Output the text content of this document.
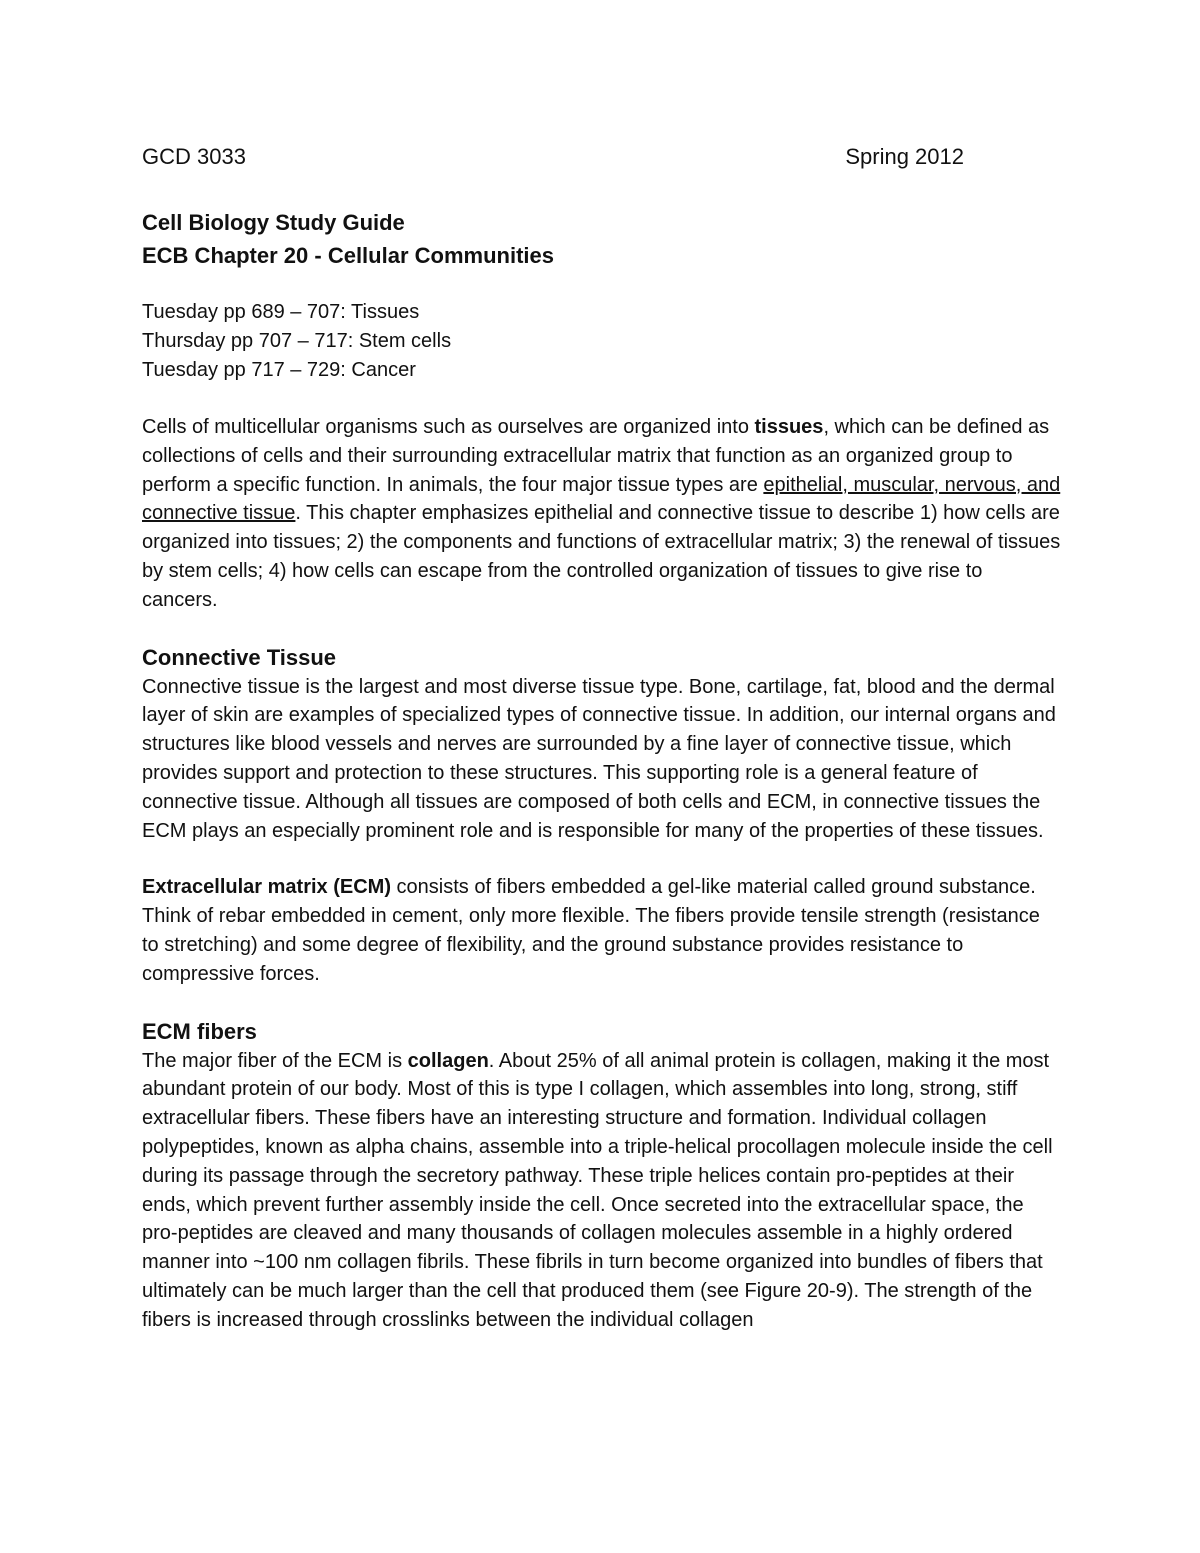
GCD 3033	Spring 2012
Cell Biology Study Guide
ECB Chapter 20 - Cellular Communities
Tuesday pp 689 – 707: Tissues
Thursday pp 707 – 717: Stem cells
Tuesday pp 717 – 729: Cancer

Cells of multicellular organisms such as ourselves are organized into tissues, which can be defined as collections of cells and their surrounding extracellular matrix that function as an organized group to perform a specific function. In animals, the four major tissue types are epithelial, muscular, nervous, and connective tissue. This chapter emphasizes epithelial and connective tissue to describe 1) how cells are organized into tissues; 2) the components and functions of extracellular matrix; 3) the renewal of tissues by stem cells; 4) how cells can escape from the controlled organization of tissues to give rise to cancers.

Connective Tissue

Connective tissue is the largest and most diverse tissue type. Bone, cartilage, fat, blood and the dermal layer of skin are examples of specialized types of connective tissue. In addition, our internal organs and structures like blood vessels and nerves are surrounded by a fine layer of connective tissue, which provides support and protection to these structures. This supporting role is a general feature of connective tissue. Although all tissues are composed of both cells and ECM, in connective tissues the ECM plays an especially prominent role and is responsible for many of the properties of these tissues.

Extracellular matrix (ECM) consists of fibers embedded a gel-like material called ground substance. Think of rebar embedded in cement, only more flexible. The fibers provide tensile strength (resistance to stretching) and some degree of flexibility, and the ground substance provides resistance to compressive forces.

ECM fibers

The major fiber of the ECM is collagen. About 25% of all animal protein is collagen, making it the most abundant protein of our body. Most of this is type I collagen, which assembles into long, strong, stiff extracellular fibers. These fibers have an interesting structure and formation. Individual collagen polypeptides, known as alpha chains, assemble into a triple-helical procollagen molecule inside the cell during its passage through the secretory pathway. These triple helices contain pro-peptides at their ends, which prevent further assembly inside the cell. Once secreted into the extracellular space, the pro-peptides are cleaved and many thousands of collagen molecules assemble in a highly ordered manner into ~100 nm collagen fibrils. These fibrils in turn become organized into bundles of fibers that ultimately can be much larger than the cell that produced them (see Figure 20-9). The strength of the fibers is increased through crosslinks between the individual collagen
